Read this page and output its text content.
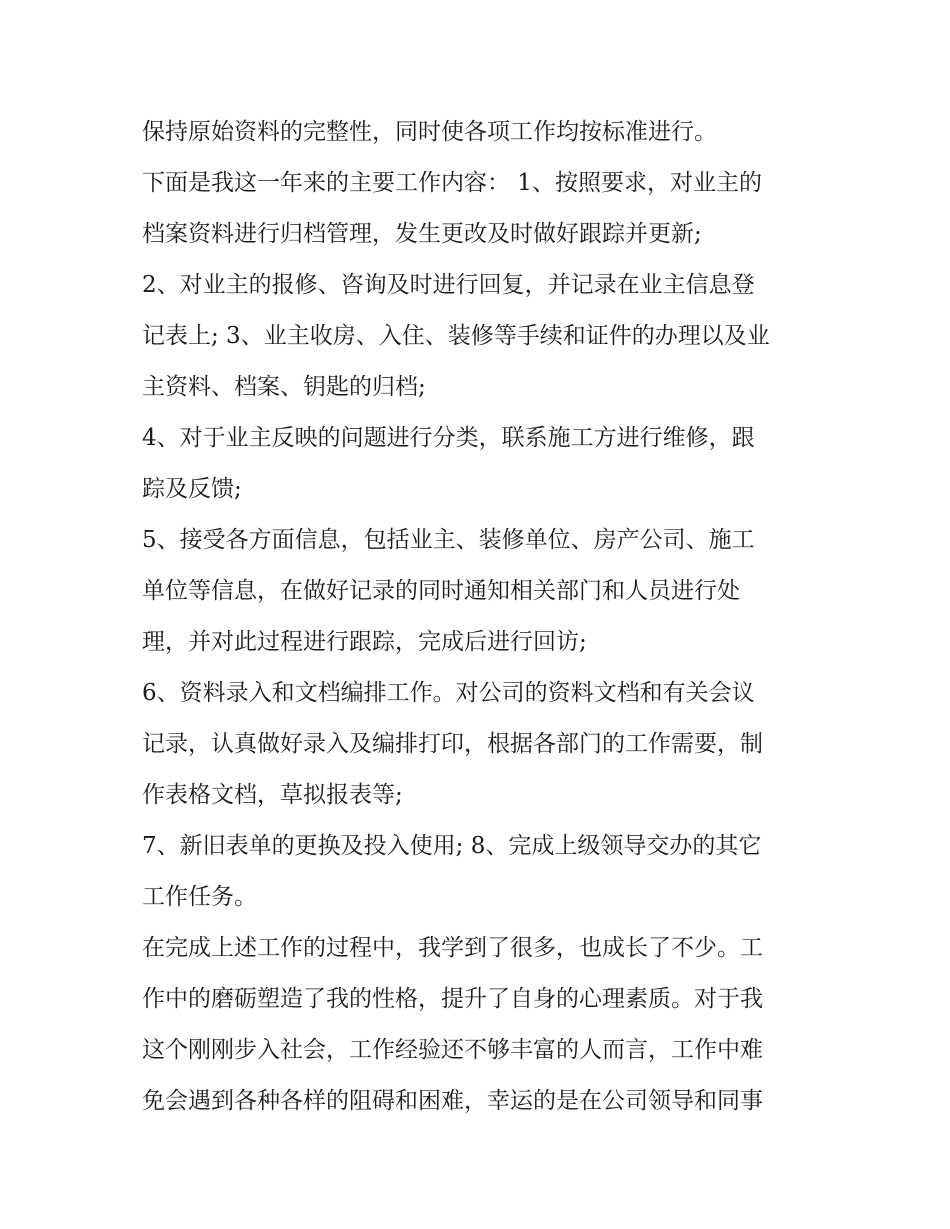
保持原始资料的完整性，同时使各项工作均按标准进行。
下面是我这一年来的主要工作内容： 1、按照要求，对业主的
档案资料进行归档管理，发生更改及时做好跟踪并更新;
2、对业主的报修、咨询及时进行回复，并记录在业主信息登
记表上; 3、业主收房、入住、装修等手续和证件的办理以及业
主资料、档案、钥匙的归档;
4、对于业主反映的问题进行分类，联系施工方进行维修，跟
踪及反馈;
5、接受各方面信息，包括业主、装修单位、房产公司、施工
单位等信息，在做好记录的同时通知相关部门和人员进行处
理，并对此过程进行跟踪，完成后进行回访;
6、资料录入和文档编排工作。对公司的资料文档和有关会议
记录，认真做好录入及编排打印，根据各部门的工作需要，制
作表格文档，草拟报表等;
7、新旧表单的更换及投入使用; 8、完成上级领导交办的其它
工作任务。
在完成上述工作的过程中，我学到了很多，也成长了不少。工
作中的磨砺塑造了我的性格，提升了自身的心理素质。对于我
这个刚刚步入社会，工作经验还不够丰富的人而言，工作中难
免会遇到各种各样的阻碍和困难，幸运的是在公司领导和同事
